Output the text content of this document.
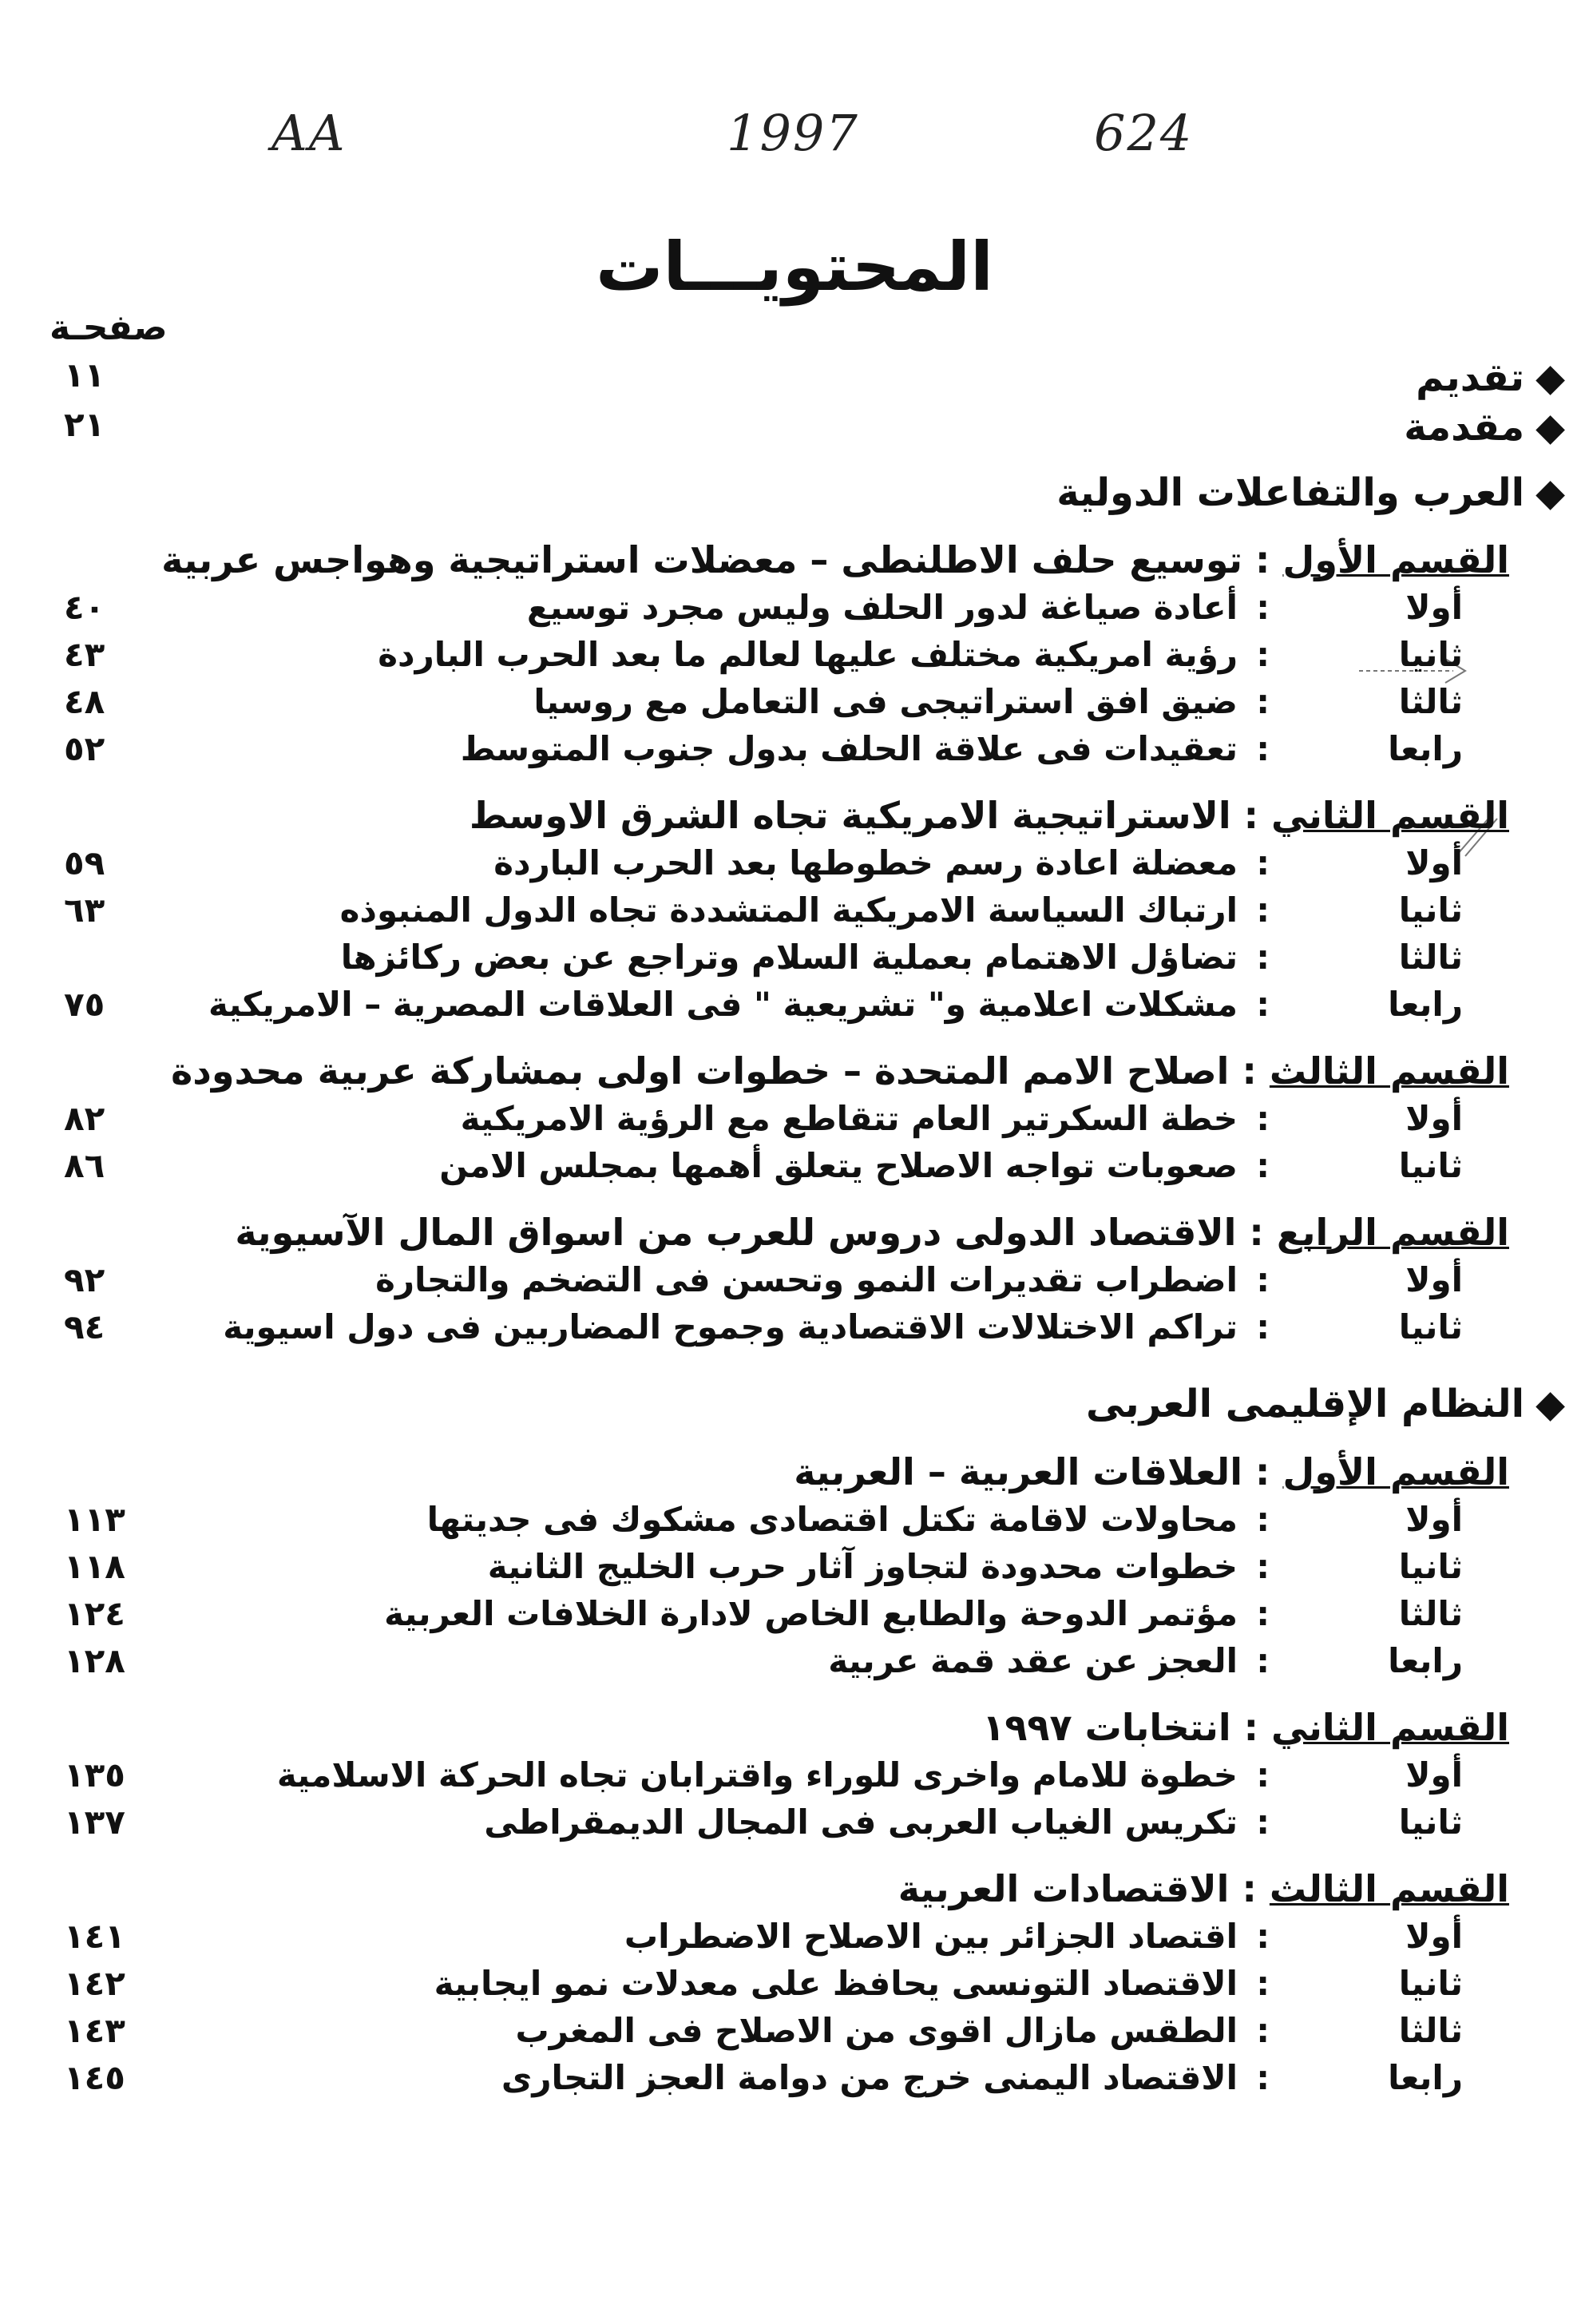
AA	1997	624
المحتويـــات
صفحـة
◆تقديم
١١
◆مقدمة
٢١
◆العرب والتفاعلات الدولية
القسم الأول : توسيع حلف الاطلنطى – معضلات استراتيجية وهواجس عربية
أولا
:
أعادة صياغة لدور الحلف وليس مجرد توسيع
٤٠
ثانيا
:
رؤية امريكية مختلف عليها لعالم ما بعد الحرب الباردة
٤٣
ثالثا
:
ضيق افق استراتيجى فى التعامل مع روسيا
٤٨
رابعا
:
تعقيدات فى علاقة الحلف بدول جنوب المتوسط
٥٢
القسم الثاني : الاستراتيجية الامريكية تجاه الشرق الاوسط
أولا
:
معضلة اعادة رسم خطوطها بعد الحرب الباردة
٥٩
ثانيا
:
ارتباك السياسة الامريكية المتشددة تجاه الدول المنبوذه
٦٣
ثالثا
:
تضاؤل الاهتمام بعملية السلام وتراجع عن بعض ركائزها
رابعا
:
مشكلات اعلامية و" تشريعية " فى العلاقات المصرية – الامريكية
٧٥
القسم الثالث : اصلاح الامم المتحدة – خطوات اولى بمشاركة عربية محدودة
أولا
:
خطة السكرتير العام تتقاطع مع الرؤية الامريكية
٨٢
ثانيا
:
صعوبات تواجه الاصلاح يتعلق أهمها بمجلس الامن
٨٦
القسم الرابع : الاقتصاد الدولى دروس للعرب من اسواق المال الآسيوية
أولا
:
اضطراب تقديرات النمو وتحسن فى التضخم والتجارة
٩٢
ثانيا
:
تراكم الاختلالات الاقتصادية وجموح المضاربين فى دول اسيوية
٩٤
◆النظام الإقليمى العربى
القسم الأول : العلاقات العربية – العربية
أولا
:
محاولات لاقامة تكتل اقتصادى مشكوك فى جديتها
١١٣
ثانيا
:
خطوات محدودة لتجاوز آثار حرب الخليج الثانية
١١٨
ثالثا
:
مؤتمر الدوحة والطابع الخاص لادارة الخلافات العربية
١٢٤
رابعا
:
العجز عن عقد قمة عربية
١٢٨
القسم الثاني : انتخابات ١٩٩٧
أولا
:
خطوة للامام واخرى للوراء واقترابان تجاه الحركة الاسلامية
١٣٥
ثانيا
:
تكريس الغياب العربى فى المجال الديمقراطى
١٣٧
القسم الثالث : الاقتصادات العربية
أولا
:
اقتصاد الجزائر بين الاصلاح الاضطراب
١٤١
ثانيا
:
الاقتصاد التونسى يحافظ على معدلات نمو ايجابية
١٤٢
ثالثا
:
الطقس مازال اقوى من الاصلاح فى المغرب
١٤٣
رابعا
:
الاقتصاد اليمنى خرج من دوامة العجز التجارى
١٤٥
